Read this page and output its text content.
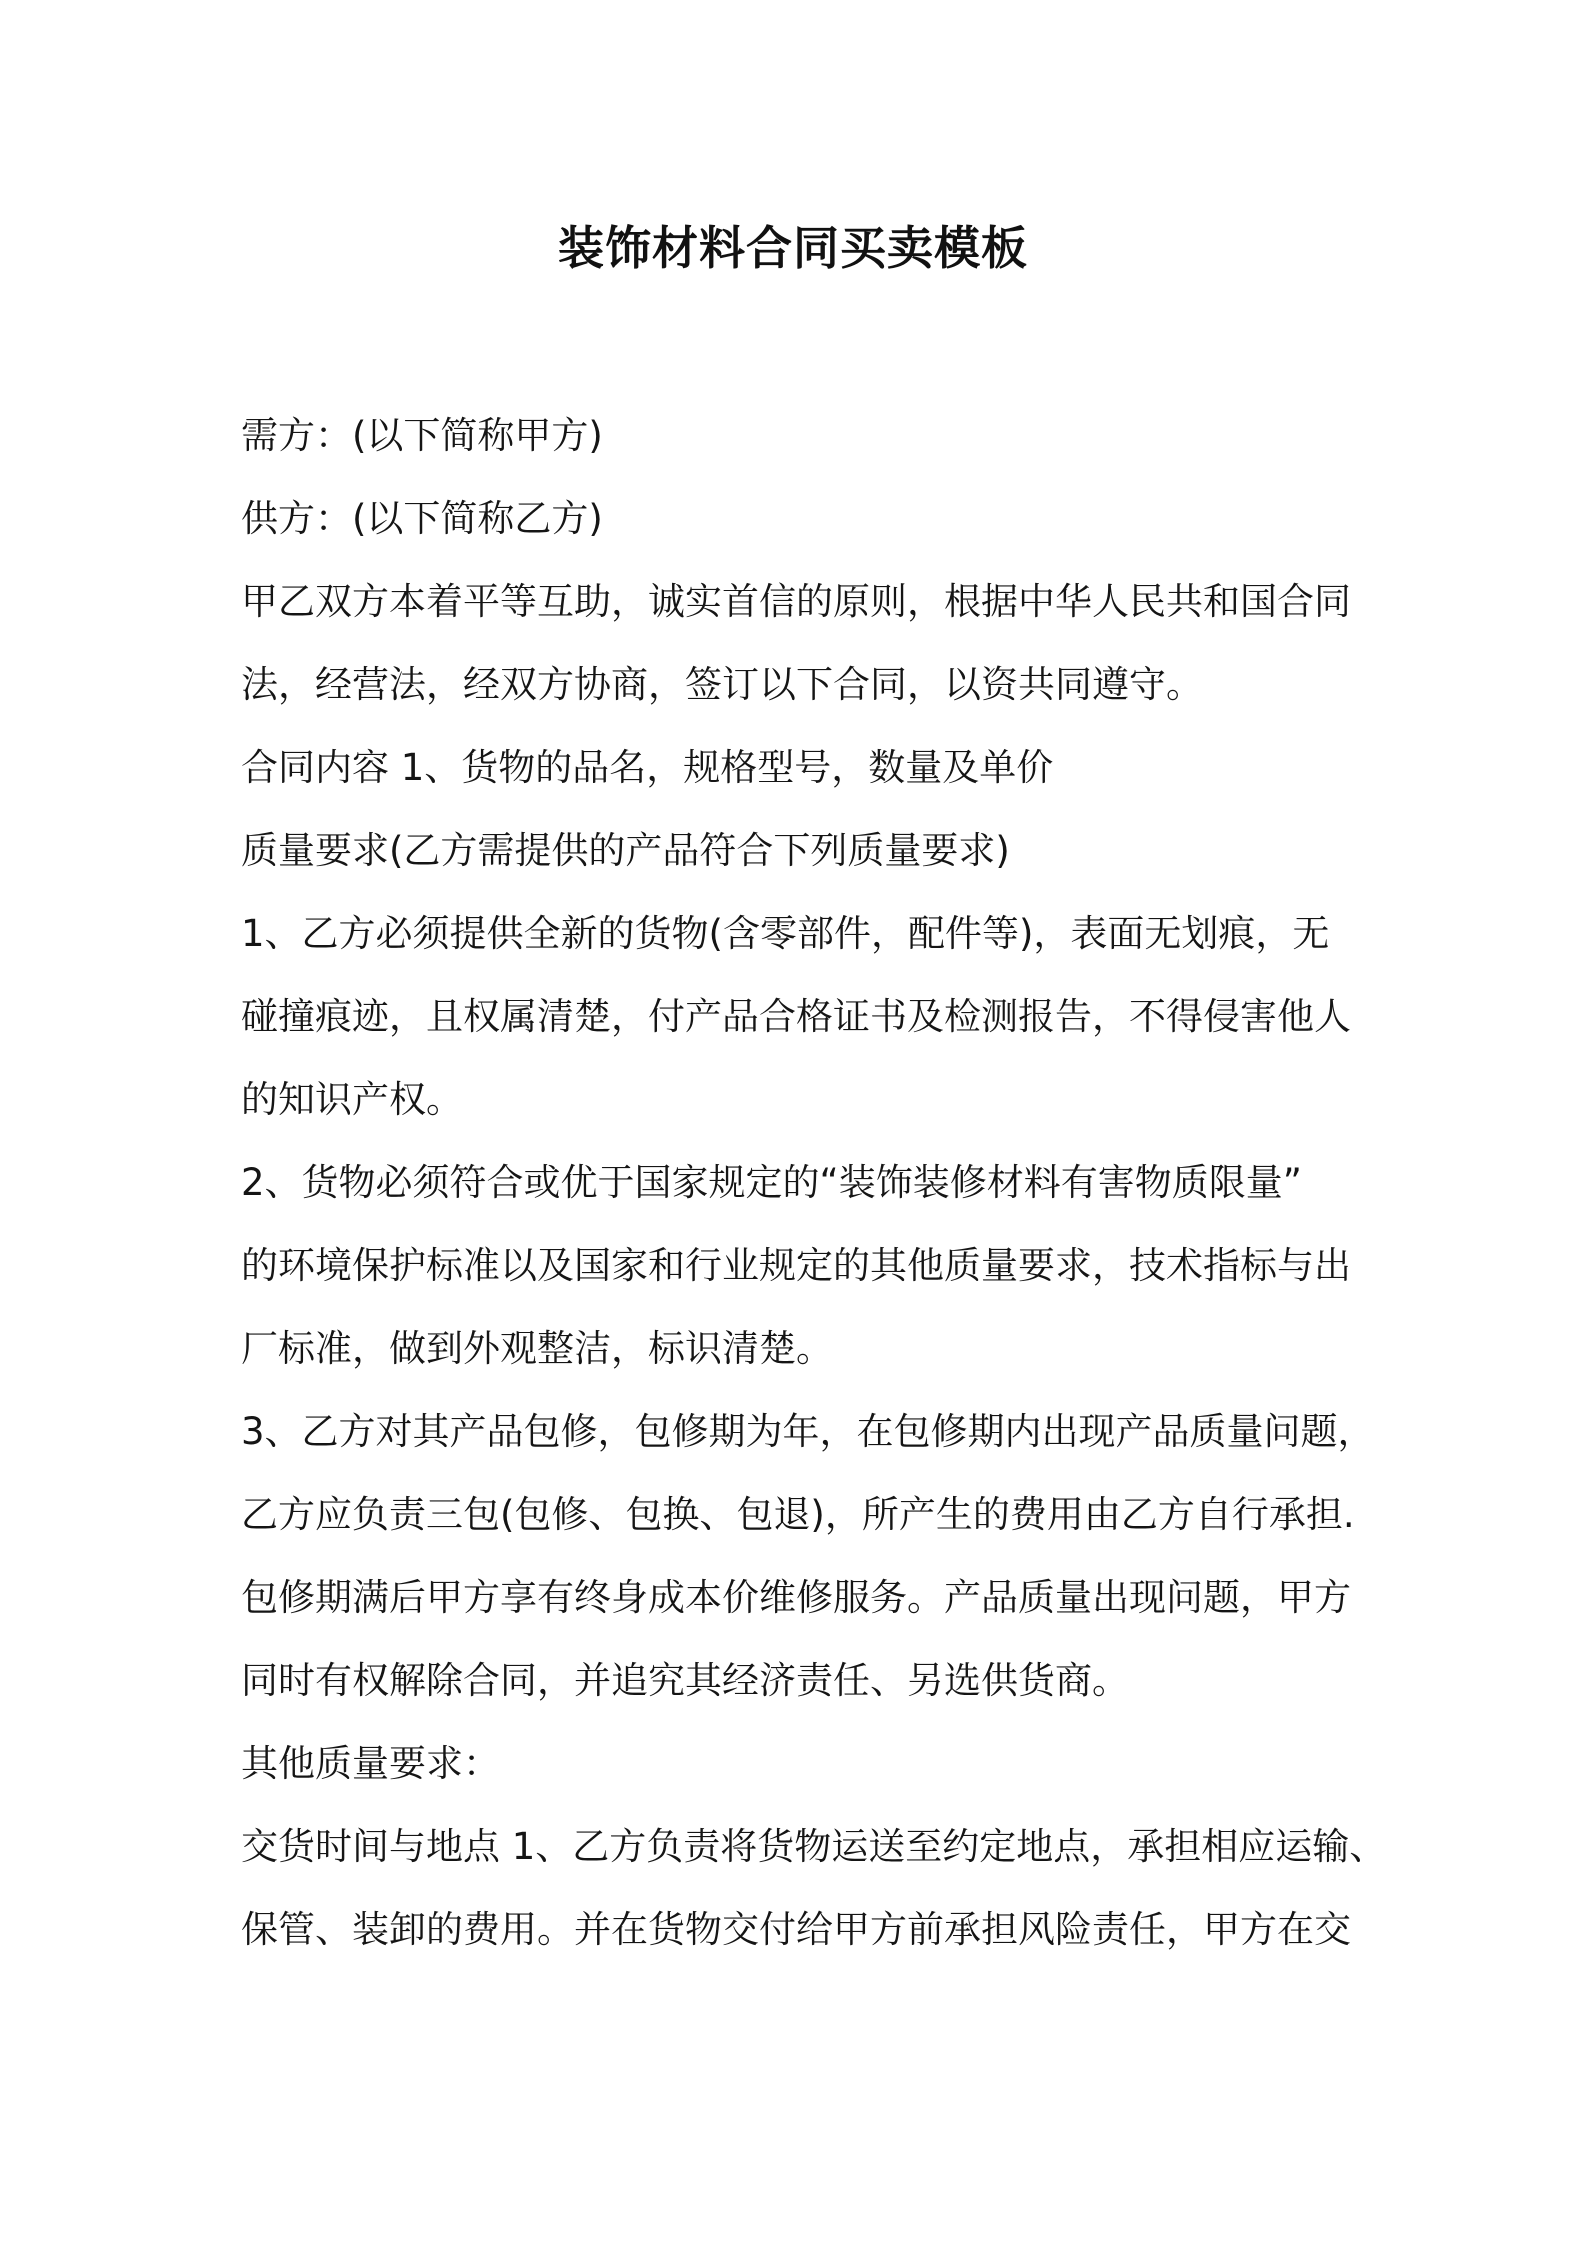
装饰材料合同买卖模板
需方：(以下简称甲方)
供方：(以下简称乙方)
甲乙双方本着平等互助，诚实首信的原则，根据中华人民共和国合同
法，经营法，经双方协商，签订以下合同，以资共同遵守。
合同内容 1、货物的品名，规格型号，数量及单价
质量要求(乙方需提供的产品符合下列质量要求)
1、乙方必须提供全新的货物(含零部件，配件等)，表面无划痕，无
碰撞痕迹，且权属清楚，付产品合格证书及检测报告，不得侵害他人
的知识产权。
2、货物必须符合或优于国家规定的“装饰装修材料有害物质限量”
的环境保护标准以及国家和行业规定的其他质量要求，技术指标与出
厂标准，做到外观整洁，标识清楚。
3、乙方对其产品包修，包修期为年，在包修期内出现产品质量问题，
乙方应负责三包(包修、包换、包退)，所产生的费用由乙方自行承担.
包修期满后甲方享有终身成本价维修服务。产品质量出现问题，甲方
同时有权解除合同，并追究其经济责任、另选供货商。
其他质量要求：
交货时间与地点 1、乙方负责将货物运送至约定地点，承担相应运输、
保管、装卸的费用。并在货物交付给甲方前承担风险责任，甲方在交
